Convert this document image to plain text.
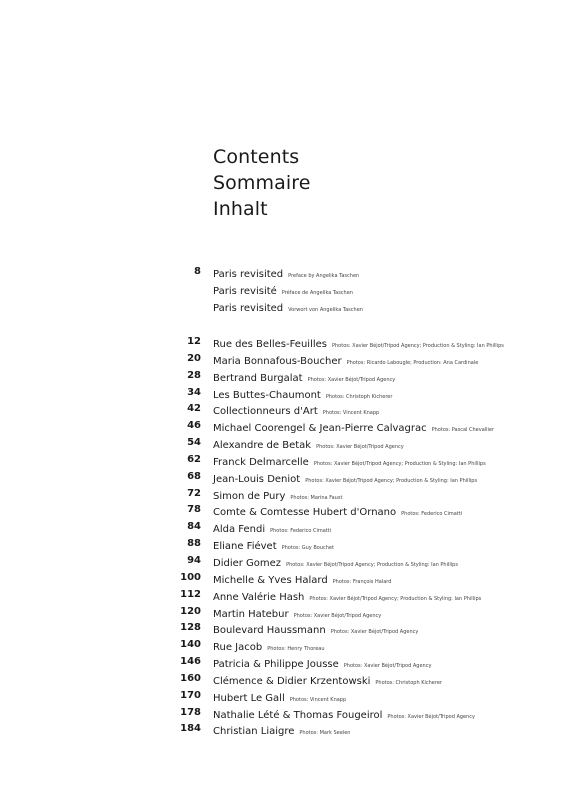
Contents
Sommaire
Inhalt
8 Paris revisited Preface by Angelika Taschen
Paris revisité Préface de Angelika Taschen
Paris revisited Vorwort von Angelika Taschen
12 Rue des Belles-Feuilles Photos: Xavier Béjot/Tripod Agency; Production & Styling: Ian Phillips
20 Maria Bonnafous-Boucher Photos: Ricardo Labougle; Production: Ana Cardinale
28 Bertrand Burgalat Photos: Xavier Béjot/Tripod Agency
34 Les Buttes-Chaumont Photos: Christoph Kicherer
42 Collectionneurs d'Art Photos: Vincent Knapp
46 Michael Coorengel & Jean-Pierre Calvagrac Photos: Pascal Chevallier
54 Alexandre de Betak Photos: Xavier Béjot/Tripod Agency
62 Franck Delmarcelle Photos: Xavier Béjot/Tripod Agency; Production & Styling: Ian Phillips
68 Jean-Louis Deniot Photos: Xavier Béjot/Tripod Agency; Production & Styling: Ian Phillips
72 Simon de Pury Photos: Marina Faust
78 Comte & Comtesse Hubert d'Ornano Photos: Federico Cimatti
84 Alda Fendi Photos: Federico Cimatti
88 Eliane Fiévet Photos: Guy Bouchet
94 Didier Gomez Photos: Xavier Béjot/Tripod Agency; Production & Styling: Ian Phillips
100 Michelle & Yves Halard Photos: François Halard
112 Anne Valérie Hash Photos: Xavier Béjot/Tripod Agency; Production & Styling: Ian Phillips
120 Martin Hatebur Photos: Xavier Béjot/Tripod Agency
128 Boulevard Haussmann Photos: Xavier Béjot/Tripod Agency
140 Rue Jacob Photos: Henry Thoreau
146 Patricia & Philippe Jousse Photos: Xavier Béjot/Tripod Agency
160 Clémence & Didier Krzentowski Photos: Christoph Kicherer
170 Hubert Le Gall Photos: Vincent Knapp
178 Nathalie Lété & Thomas Fougeirol Photos: Xavier Béjot/Tripod Agency
184 Christian Liaigre Photos: Mark Seelen
